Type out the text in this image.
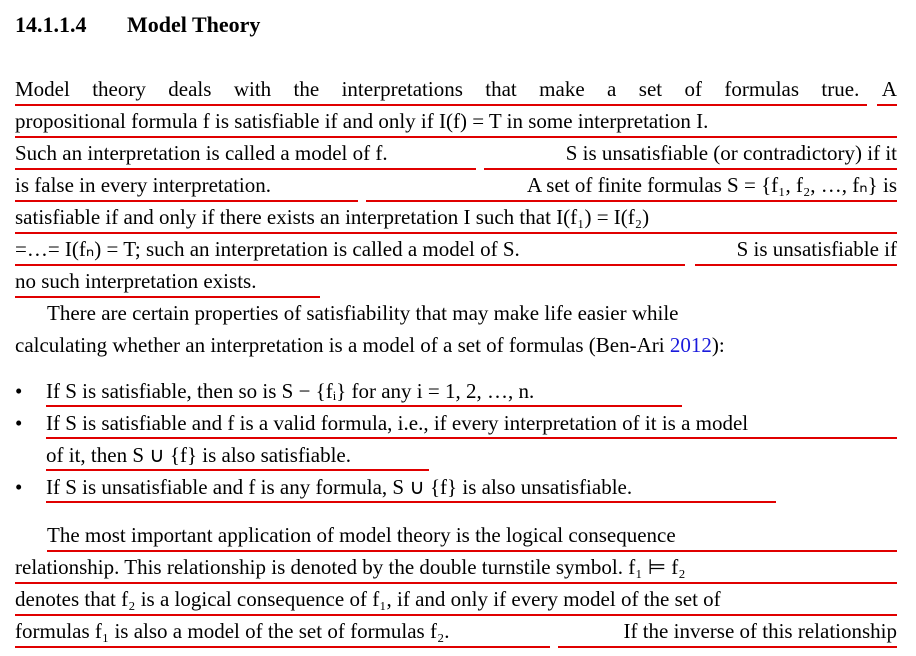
14.1.1.4 Model Theory
Model theory deals with the interpretations that make a set of formulas true. A
propositional formula f is satisfiable if and only if I(f) = T in some interpretation I.
Such an interpretation is called a model of f.	S is unsatisfiable (or contradictory) if it
is false in every interpretation.	A set of finite formulas S = {f₁, f₂, …, fₙ} is
satisfiable if and only if there exists an interpretation I such that I(f₁) = I(f₂)
=…= I(fₙ) = T; such an interpretation is called a model of S.	S is unsatisfiable if
no such interpretation exists.
There are certain properties of satisfiability that may make life easier while
calculating whether an interpretation is a model of a set of formulas (Ben-Ari 2012):
• If S is satisfiable, then so is S − {fᵢ} for any i = 1, 2, …, n.
• If S is satisfiable and f is a valid formula, i.e., if every interpretation of it is a model
of it, then S ∪ {f} is also satisfiable.
• If S is unsatisfiable and f is any formula, S ∪ {f} is also unsatisfiable.
The most important application of model theory is the logical consequence
relationship. This relationship is denoted by the double turnstile symbol. f₁ ⊨ f₂
denotes that f₂ is a logical consequence of f₁, if and only if every model of the set of
formulas f₁ is also a model of the set of formulas f₂.	If the inverse of this relationship
